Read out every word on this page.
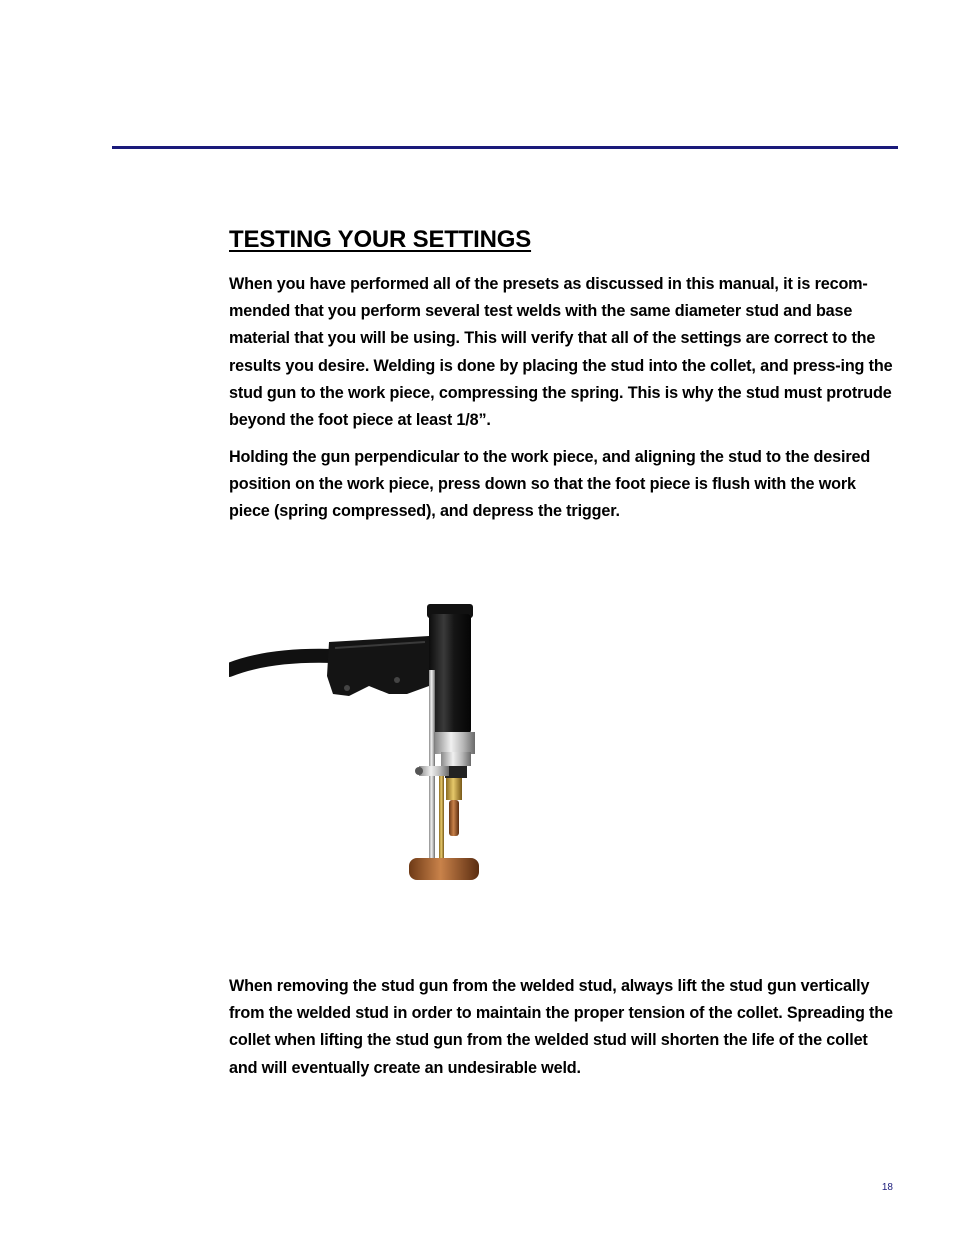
TESTING YOUR SETTINGS

When you have performed all of the presets as discussed in this manual, it is recom-mended that you perform several test welds with the same diameter stud and base material that you will be using. This will verify that all of the settings are correct to the results you desire. Welding is done by placing the stud into the collet, and press-ing the stud gun to the work piece, compressing the spring. This is why the stud must protrude beyond the foot piece at least 1/8”.

Holding the gun perpendicular to the work piece, and aligning the stud to the desired position on the work piece, press down so that the foot piece is flush with the work piece (spring compressed), and depress the trigger.

When removing the stud gun from the welded stud, always lift the stud gun vertically from the welded stud in order to maintain the proper tension of the collet. Spreading the collet when lifting the stud gun from the welded stud will shorten the life of the collet and will eventually create an undesirable weld.

18
